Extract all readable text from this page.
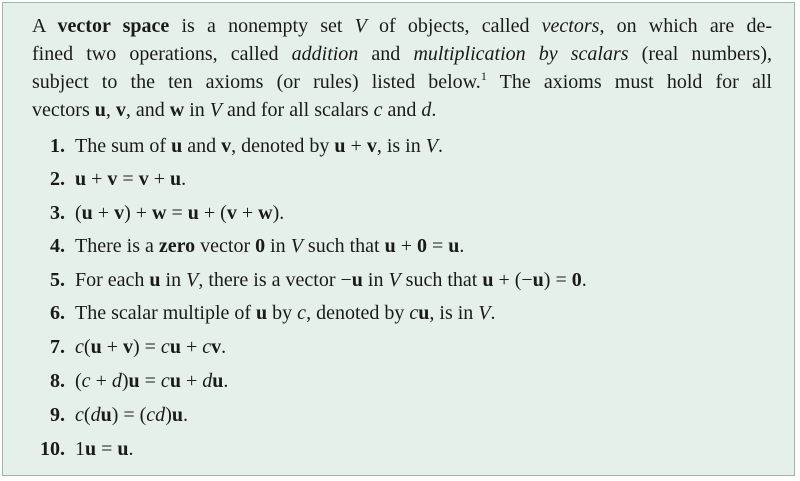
A vector space is a nonempty set V of objects, called vectors, on which are de-
fined two operations, called addition and multiplication by scalars (real numbers),
subject to the ten axioms (or rules) listed below.$^1$ The axioms must hold for all
vectors u, v, and w in V and for all scalars c and d.
1. The sum of u and v, denoted by u + v, is in V.
2. u + v = v + u.
3. (u + v) + w = u + (v + w).
4. There is a zero vector 0 in V such that u + 0 = u.
5. For each u in V, there is a vector −u in V such that u + (−u) = 0.
6. The scalar multiple of u by c, denoted by cu, is in V.
7. c(u + v) = cu + cv.
8. (c + d)u = cu + du.
9. c(du) = (cd)u.
10. 1u = u.
